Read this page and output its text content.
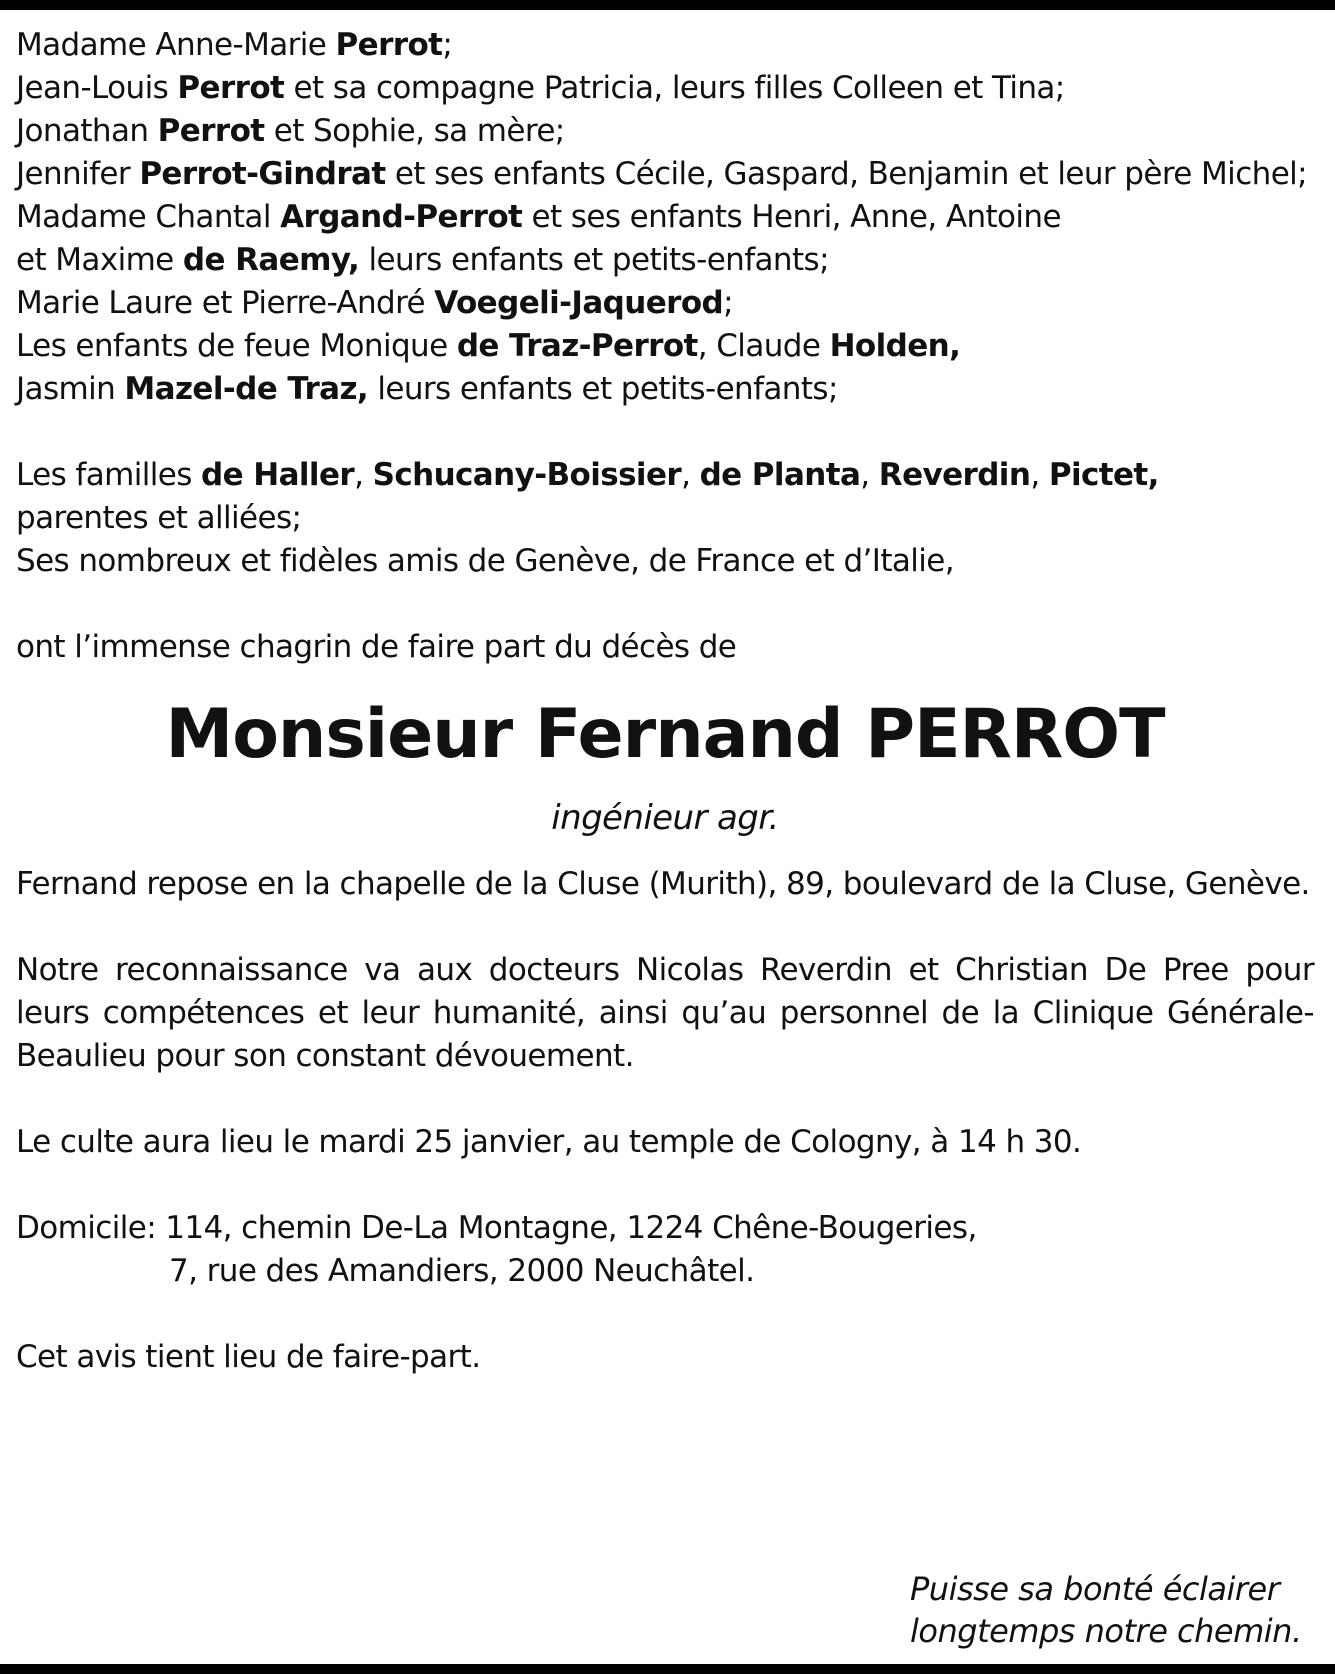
Madame Anne-Marie Perrot;

Jean-Louis Perrot et sa compagne Patricia, leurs filles Colleen et Tina;

Jonathan Perrot et Sophie, sa mère;

Jennifer Perrot-Gindrat et ses enfants Cécile, Gaspard, Benjamin et leur père Michel;

Madame Chantal Argand-Perrot et ses enfants Henri, Anne, Antoine

et Maxime de Raemy, leurs enfants et petits-enfants;

Marie Laure et Pierre-André Voegeli-Jaquerod;

Les enfants de feue Monique de Traz-Perrot, Claude Holden,

Jasmin Mazel-de Traz, leurs enfants et petits-enfants;

Les familles de Haller, Schucany-Boissier, de Planta, Reverdin, Pictet,

parentes et alliées;

Ses nombreux et fidèles amis de Genève, de France et d’Italie,

ont l’immense chagrin de faire part du décès de

Monsieur Fernand PERROT
ingénieur agr.

Fernand repose en la chapelle de la Cluse (Murith), 89, boulevard de la Cluse, Genève.

Notre reconnaissance va aux docteurs Nicolas Reverdin et Christian De Pree pour leurs compétences et leur humanité, ainsi qu’au personnel de la Clinique Générale-Beaulieu pour son constant dévouement.

Le culte aura lieu le mardi 25 janvier, au temple de Cologny, à 14 h 30.

Domicile: 114, chemin De-La Montagne, 1224 Chêne-Bougeries,

7, rue des Amandiers, 2000 Neuchâtel.

Cet avis tient lieu de faire-part.

Puisse sa bonté éclairer
longtemps notre chemin.
